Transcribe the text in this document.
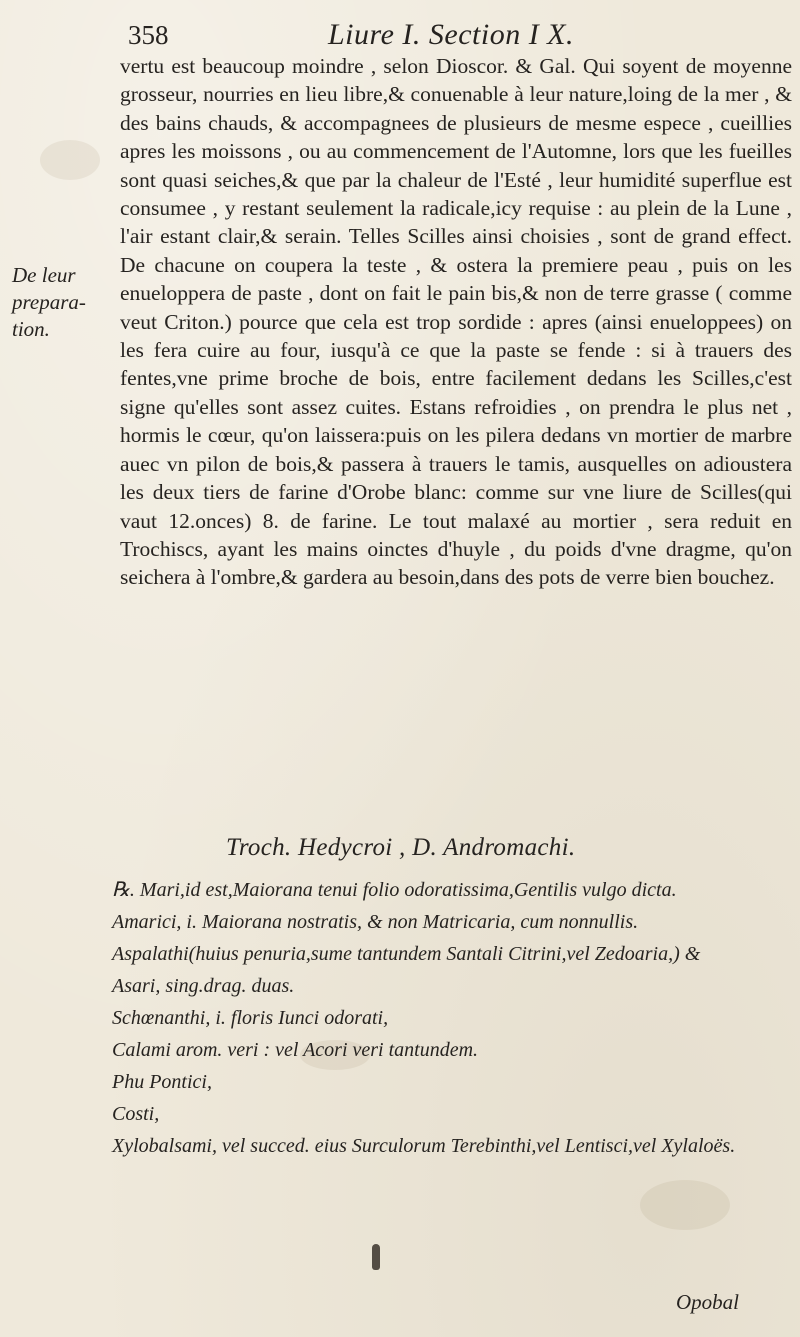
358	Liure I. Section I X.
De leur
prepara-
tion.

vertu est beaucoup moindre , selon Dioscor. & Gal. Qui soyent de moyenne grosseur, nourries en lieu libre,& conuenable à leur nature,loing de la mer , & des bains chauds, & accompagnees de plusieurs de mesme espece , cueillies apres les moissons , ou au commencement de l'Automne, lors que les fueilles sont quasi seiches,& que par la chaleur de l'Esté , leur humidité superflue est consumee , y restant seulement la radicale,icy requise : au plein de la Lune , l'air estant clair,& serain. Telles Scilles ainsi choisies , sont de grand effect. De chacune on coupera la teste , & ostera la premiere peau , puis on les enueloppera de paste , dont on fait le pain bis,& non de terre grasse ( comme veut Criton.) pource que cela est trop sordide : apres (ainsi enueloppees) on les fera cuire au four, iusqu'à ce que la paste se fende : si à trauers des fentes,vne prime broche de bois, entre facilement dedans les Scilles,c'est signe qu'elles sont assez cuites. Estans refroidies , on prendra le plus net , hormis le cœur, qu'on laissera:puis on les pilera dedans vn mortier de marbre auec vn pilon de bois,& passera à trauers le tamis, ausquelles on adioustera les deux tiers de farine d'Orobe blanc: comme sur vne liure de Scilles(qui vaut 12.onces) 8. de farine. Le tout malaxé au mortier , sera reduit en Trochiscs, ayant les mains oinctes d'huyle , du poids d'vne dragme, qu'on seichera à l'ombre,& gardera au besoin,dans des pots de verre bien bouchez.

Troch. Hedycroi , D. Andromachi.
℞. Mari,id est,Maiorana tenui folio odoratissima,Gentilis vulgo dicta.
Amarici, i. Maiorana nostratis, & non Matricaria, cum nonnullis.
Aspalathi(huius penuria,sume tantundem Santali Citrini,vel Zedoaria,) &
Asari, sing.drag. duas.
Schœnanthi, i. floris Iunci odorati,
Calami arom. veri : vel Acori veri tantundem.
Phu Pontici,
Costi,
Xylobalsami, vel succed. eius Surculorum Terebinthi,vel Lentisci,vel Xylaloës.
Opobal
